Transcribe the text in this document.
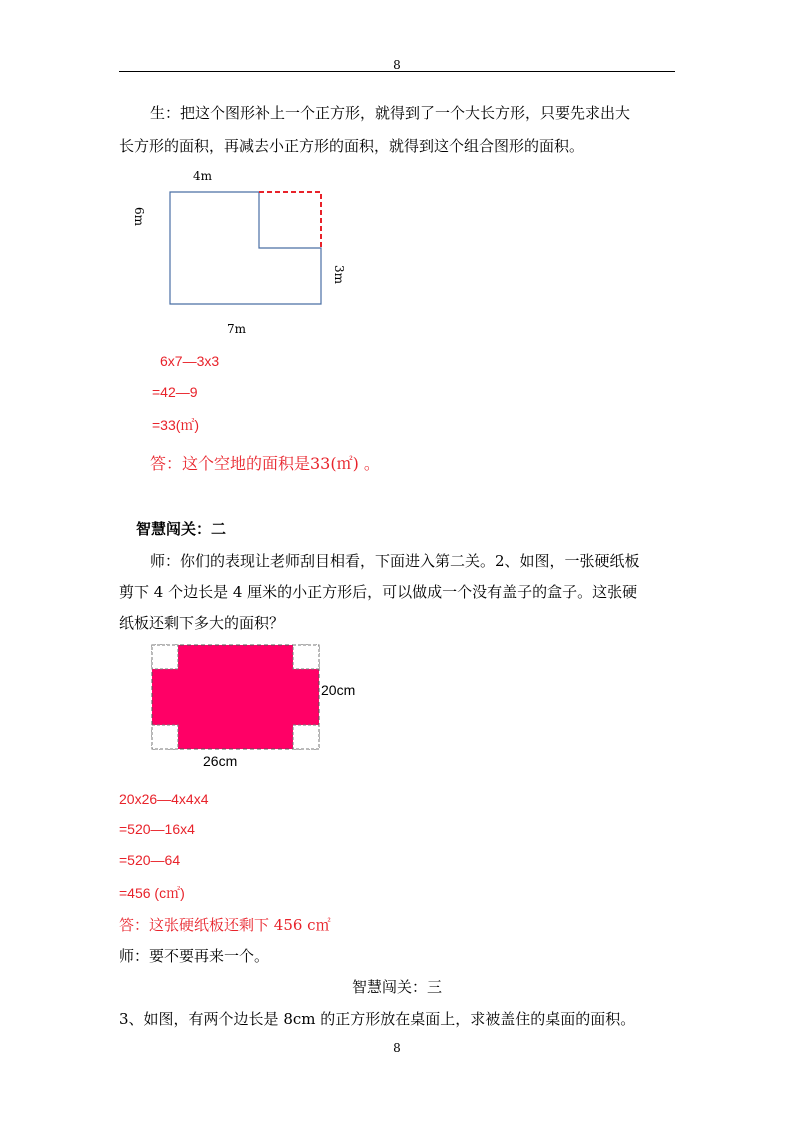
8
生：把这个图形补上一个正方形，就得到了一个大长方形，只要先求出大
长方形的面积，再减去小正方形的面积，就得到这个组合图形的面积。
4m
6m
3m
7m
6x7—3x3
=42—9
=33(㎡)
答：这个空地的面积是33(㎡) 。
智慧闯关：二
师：你们的表现让老师刮目相看，下面进入第二关。2、如图，一张硬纸板
剪下 4 个边长是 4 厘米的小正方形后，可以做成一个没有盖子的盒子。这张硬
纸板还剩下多大的面积？
20cm
26cm
20x26—4x4x4
=520—16x4
=520—64
=456 (c㎡)
答：这张硬纸板还剩下 456 c㎡
师：要不要再来一个。
智慧闯关：三
3、如图，有两个边长是 8cm 的正方形放在桌面上，求被盖住的桌面的面积。
8
